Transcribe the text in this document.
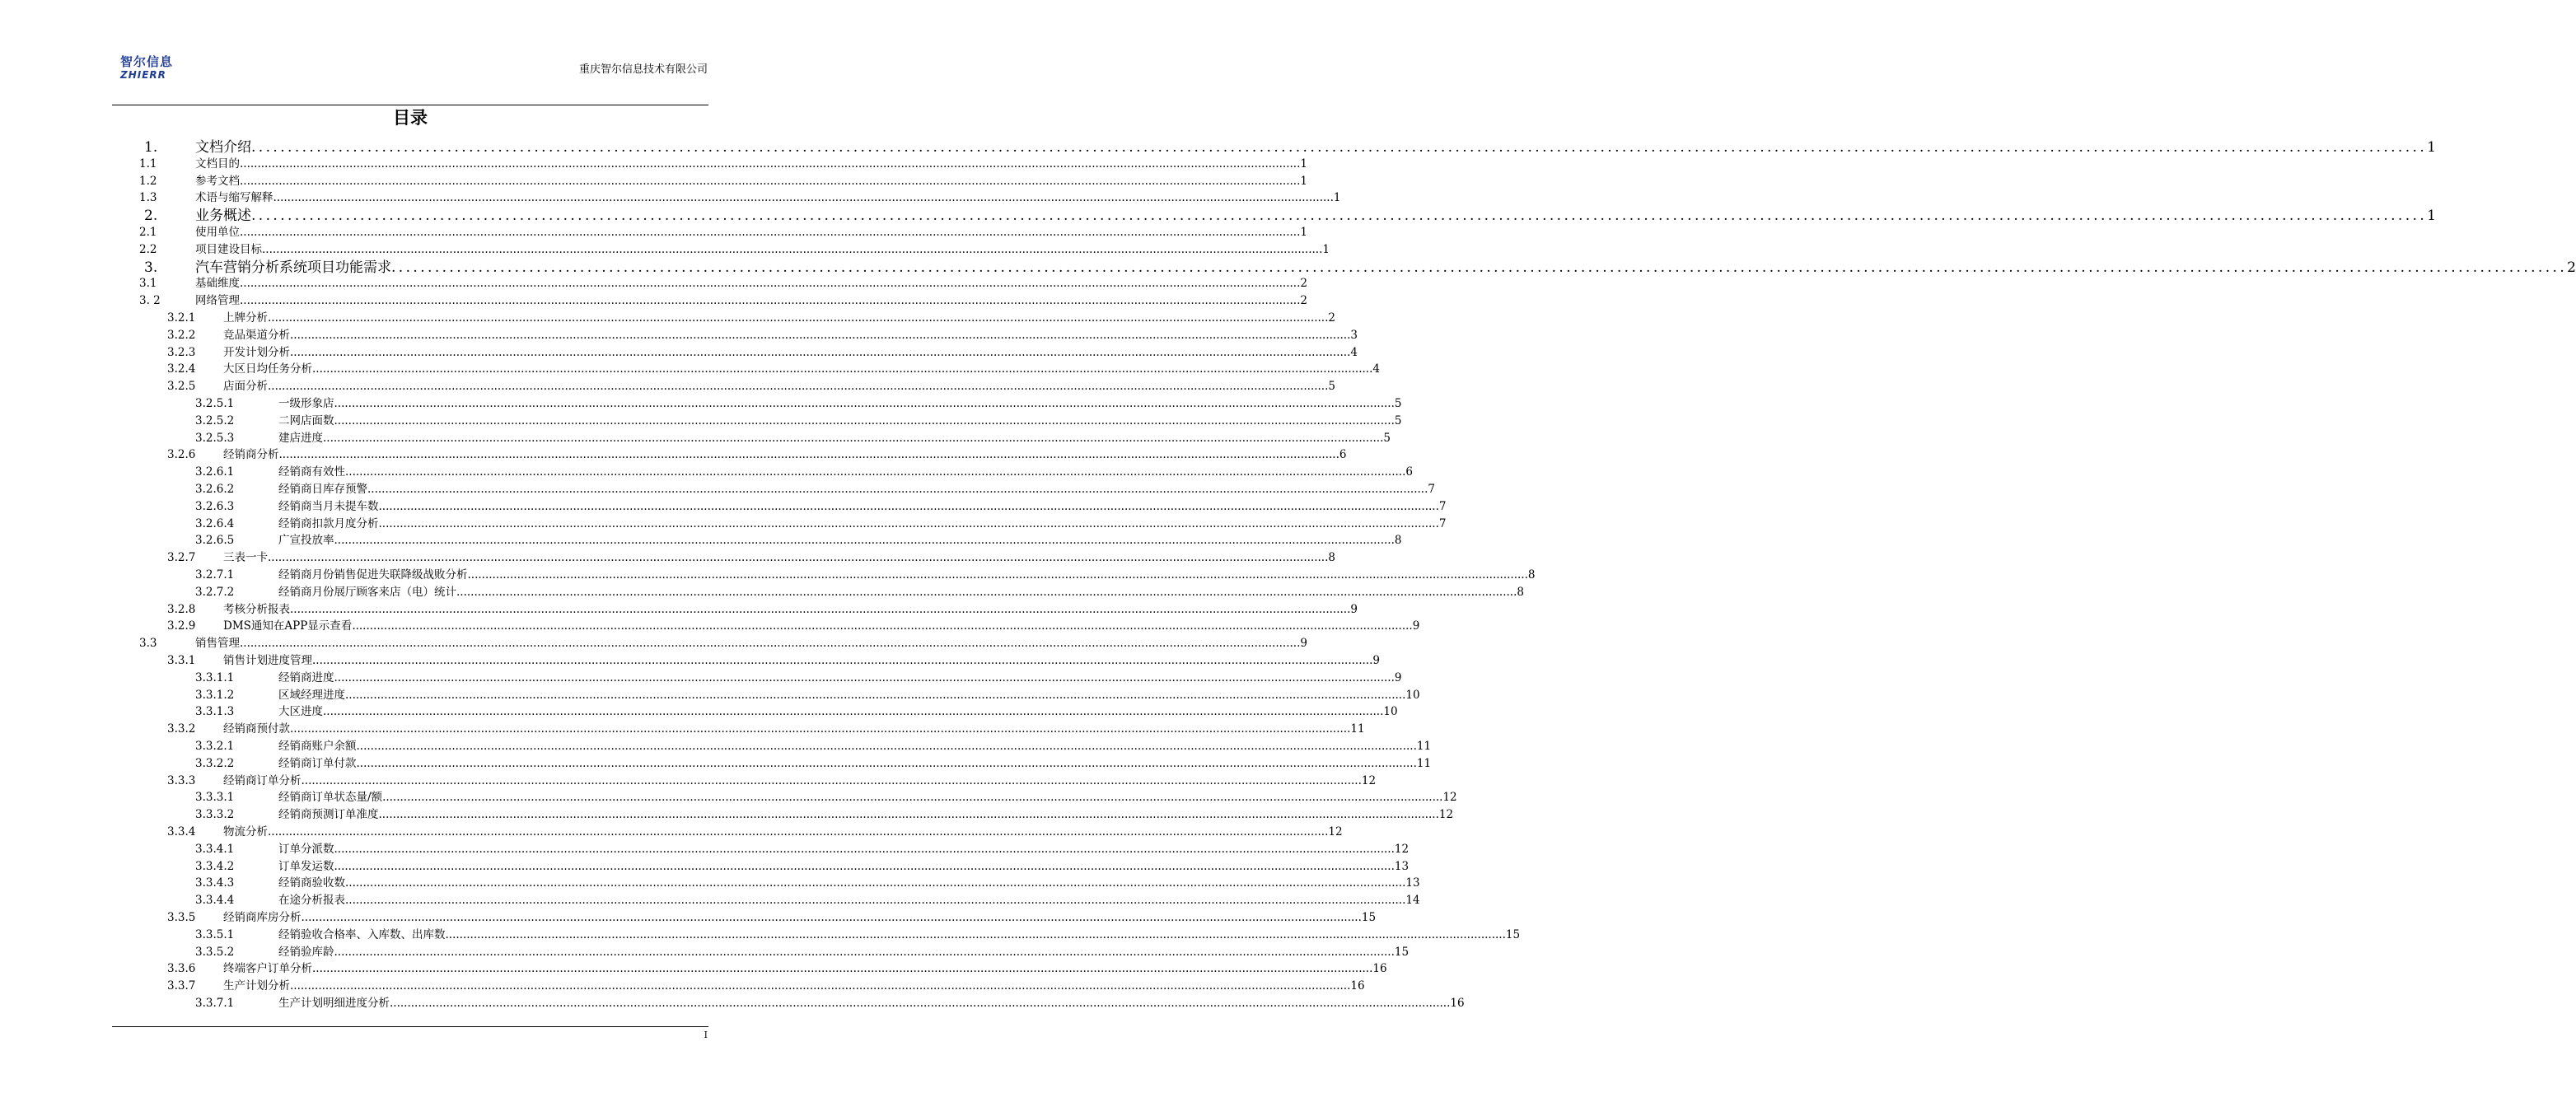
智尔信息
ZHIERR	重庆智尔信息技术有限公司
目录
1.	文档介绍 ............................................................................................................................................................................................................................................................................................................ 1
1.1	文档目的 ............................................................................................................................................................................................................................................................................................................ 1
1.2	参考文档 ............................................................................................................................................................................................................................................................................................................ 1
1.3	术语与缩写解释 ............................................................................................................................................................................................................................................................................................................ 1
2.	业务概述 ............................................................................................................................................................................................................................................................................................................ 1
2.1	使用单位 ............................................................................................................................................................................................................................................................................................................ 1
2.2	项目建设目标 ............................................................................................................................................................................................................................................................................................................ 1
3.	汽车营销分析系统项目功能需求 ............................................................................................................................................................................................................................................................................................................ 2
3.1	基础维度 ............................................................................................................................................................................................................................................................................................................ 2
3. 2	网络管理 ............................................................................................................................................................................................................................................................................................................ 2
3.2.1	上牌分析 ............................................................................................................................................................................................................................................................................................................ 2
3.2.2	竞品渠道分析 ............................................................................................................................................................................................................................................................................................................ 3
3.2.3	开发计划分析 ............................................................................................................................................................................................................................................................................................................ 4
3.2.4	大区日均任务分析 ............................................................................................................................................................................................................................................................................................................ 4
3.2.5	店面分析 ............................................................................................................................................................................................................................................................................................................ 5
3.2.5.1	一级形象店 ............................................................................................................................................................................................................................................................................................................ 5
3.2.5.2	二网店面数 ............................................................................................................................................................................................................................................................................................................ 5
3.2.5.3	建店进度 ............................................................................................................................................................................................................................................................................................................ 5
3.2.6	经销商分析 ............................................................................................................................................................................................................................................................................................................ 6
3.2.6.1	经销商有效性 ............................................................................................................................................................................................................................................................................................................ 6
3.2.6.2	经销商日库存预警 ............................................................................................................................................................................................................................................................................................................ 7
3.2.6.3	经销商当月未提车数 ............................................................................................................................................................................................................................................................................................................ 7
3.2.6.4	经销商扣款月度分析 ............................................................................................................................................................................................................................................................................................................ 7
3.2.6.5	广宣投放率 ............................................................................................................................................................................................................................................................................................................ 8
3.2.7	三表一卡 ............................................................................................................................................................................................................................................................................................................ 8
3.2.7.1	经销商月份销售促进失联降级战败分析 ............................................................................................................................................................................................................................................................................................................ 8
3.2.7.2	经销商月份展厅顾客来店（电）统计 ............................................................................................................................................................................................................................................................................................................ 8
3.2.8	考核分析报表 ............................................................................................................................................................................................................................................................................................................ 9
3.2.9	DMS通知在APP显示查看 ............................................................................................................................................................................................................................................................................................................ 9
3.3	销售管理 ............................................................................................................................................................................................................................................................................................................ 9
3.3.1	销售计划进度管理 ............................................................................................................................................................................................................................................................................................................ 9
3.3.1.1	经销商进度 ............................................................................................................................................................................................................................................................................................................ 9
3.3.1.2	区域经理进度 ............................................................................................................................................................................................................................................................................................................ 10
3.3.1.3	大区进度 ............................................................................................................................................................................................................................................................................................................ 10
3.3.2	经销商预付款 ............................................................................................................................................................................................................................................................................................................ 11
3.3.2.1	经销商账户余额 ............................................................................................................................................................................................................................................................................................................ 11
3.3.2.2	经销商订单付款 ............................................................................................................................................................................................................................................................................................................ 11
3.3.3	经销商订单分析 ............................................................................................................................................................................................................................................................................................................ 12
3.3.3.1	经销商订单状态量/额 ............................................................................................................................................................................................................................................................................................................ 12
3.3.3.2	经销商预测订单准度 ............................................................................................................................................................................................................................................................................................................ 12
3.3.4	物流分析 ............................................................................................................................................................................................................................................................................................................ 12
3.3.4.1	订单分派数 ............................................................................................................................................................................................................................................................................................................ 12
3.3.4.2	订单发运数 ............................................................................................................................................................................................................................................................................................................ 13
3.3.4.3	经销商验收数 ............................................................................................................................................................................................................................................................................................................ 13
3.3.4.4	在途分析报表 ............................................................................................................................................................................................................................................................................................................ 14
3.3.5	经销商库房分析 ............................................................................................................................................................................................................................................................................................................ 15
3.3.5.1	经销验收合格率、入库数、出库数 ............................................................................................................................................................................................................................................................................................................ 15
3.3.5.2	经销验库龄 ............................................................................................................................................................................................................................................................................................................ 15
3.3.6	终端客户订单分析 ............................................................................................................................................................................................................................................................................................................ 16
3.3.7	生产计划分析 ............................................................................................................................................................................................................................................................................................................ 16
3.3.7.1	生产计划明细进度分析 ............................................................................................................................................................................................................................................................................................................ 16
I
